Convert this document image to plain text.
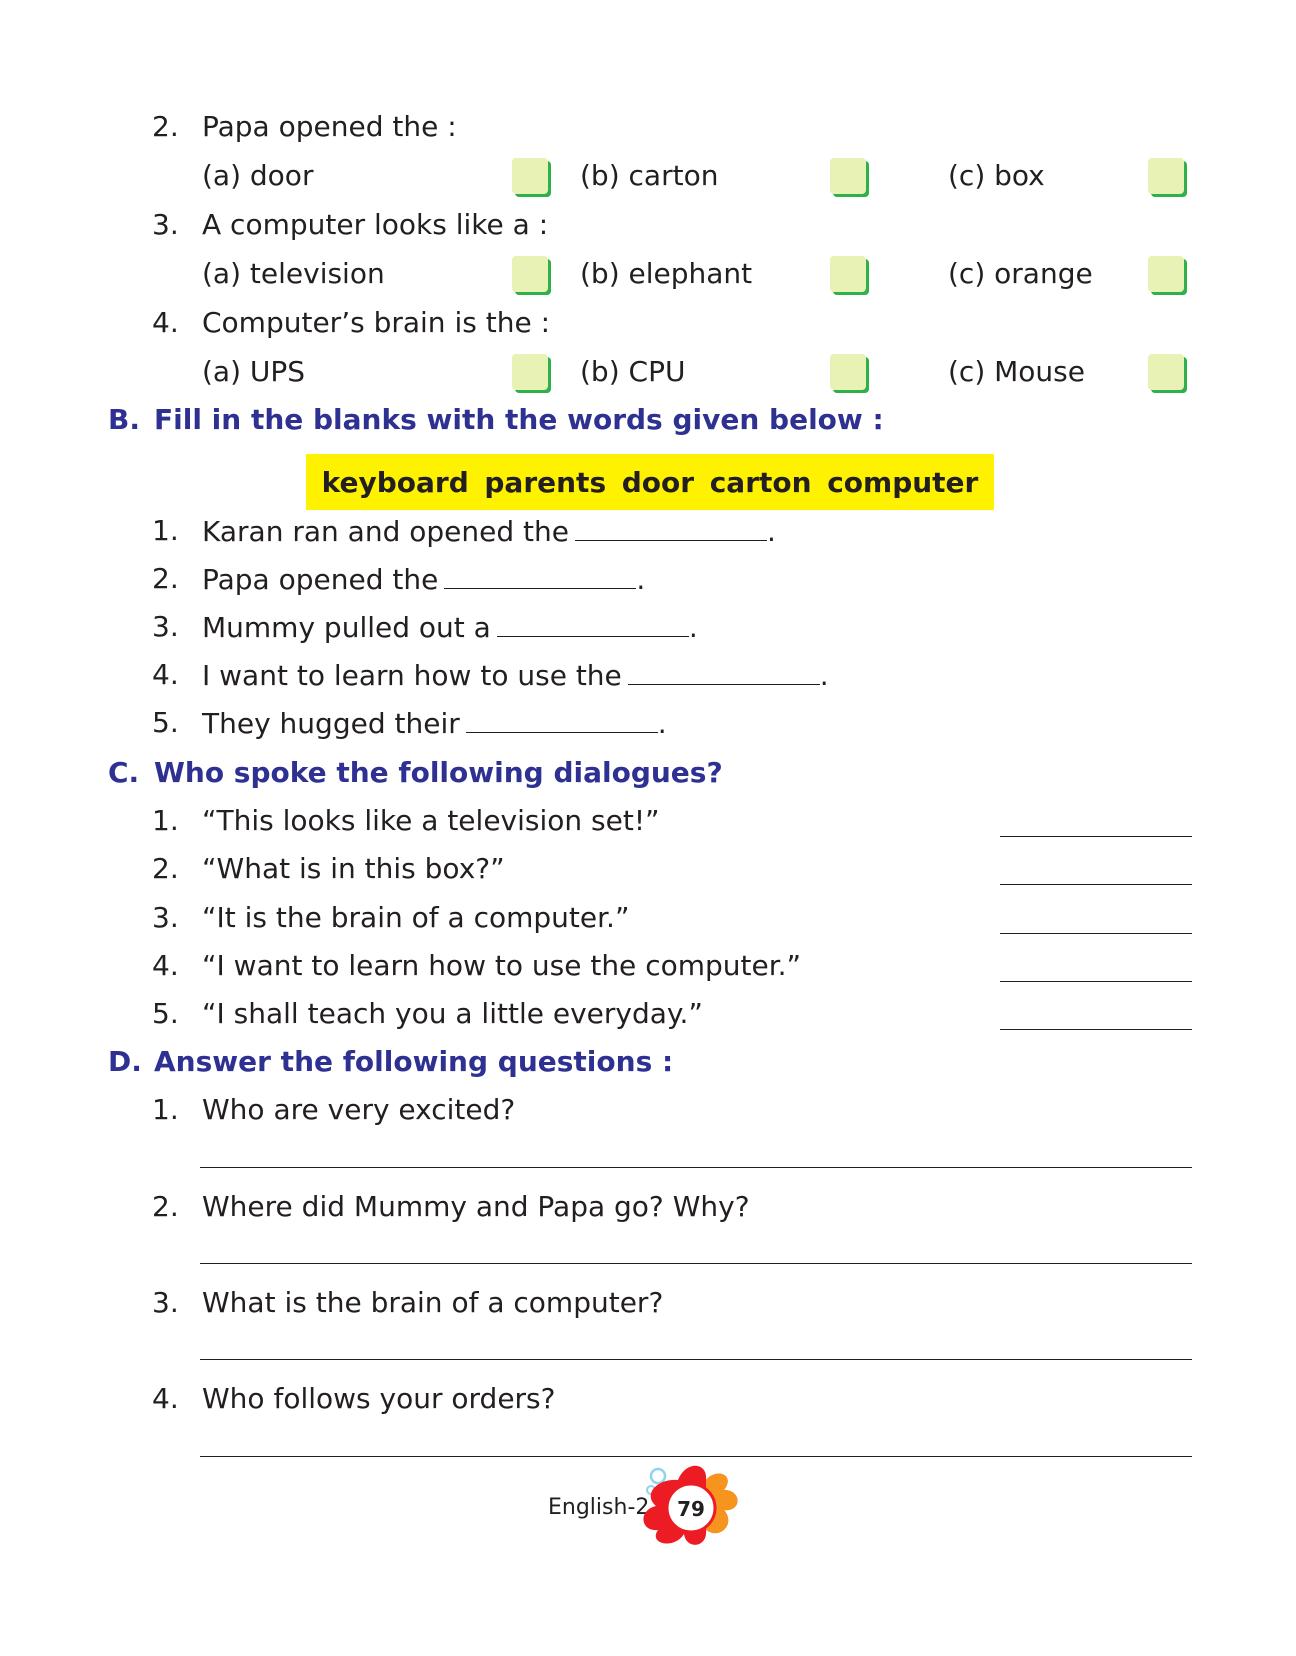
2. Papa opened the :
(a) door	(b) carton	(c) box
3. A computer looks like a :
(a) television	(b) elephant	(c) orange
4. Computer’s brain is the :
(a) UPS	(b) CPU	(c) Mouse
B. Fill in the blanks with the words given below :
keyboard parents door carton computer
1. Karan ran and opened the	.
2. Papa opened the	.
3. Mummy pulled out a	.
4. I want to learn how to use the	.
5. They hugged their	.
C. Who spoke the following dialogues?
1. “This looks like a television set!”
2. “What is in this box?”
3. “It is the brain of a computer.”
4. “I want to learn how to use the computer.”
5. “I shall teach you a little everyday.”
D. Answer the following questions :
1. Who are very excited?
2. Where did Mummy and Papa go? Why?
3. What is the brain of a computer?
4. Who follows your orders?
English-2	79
